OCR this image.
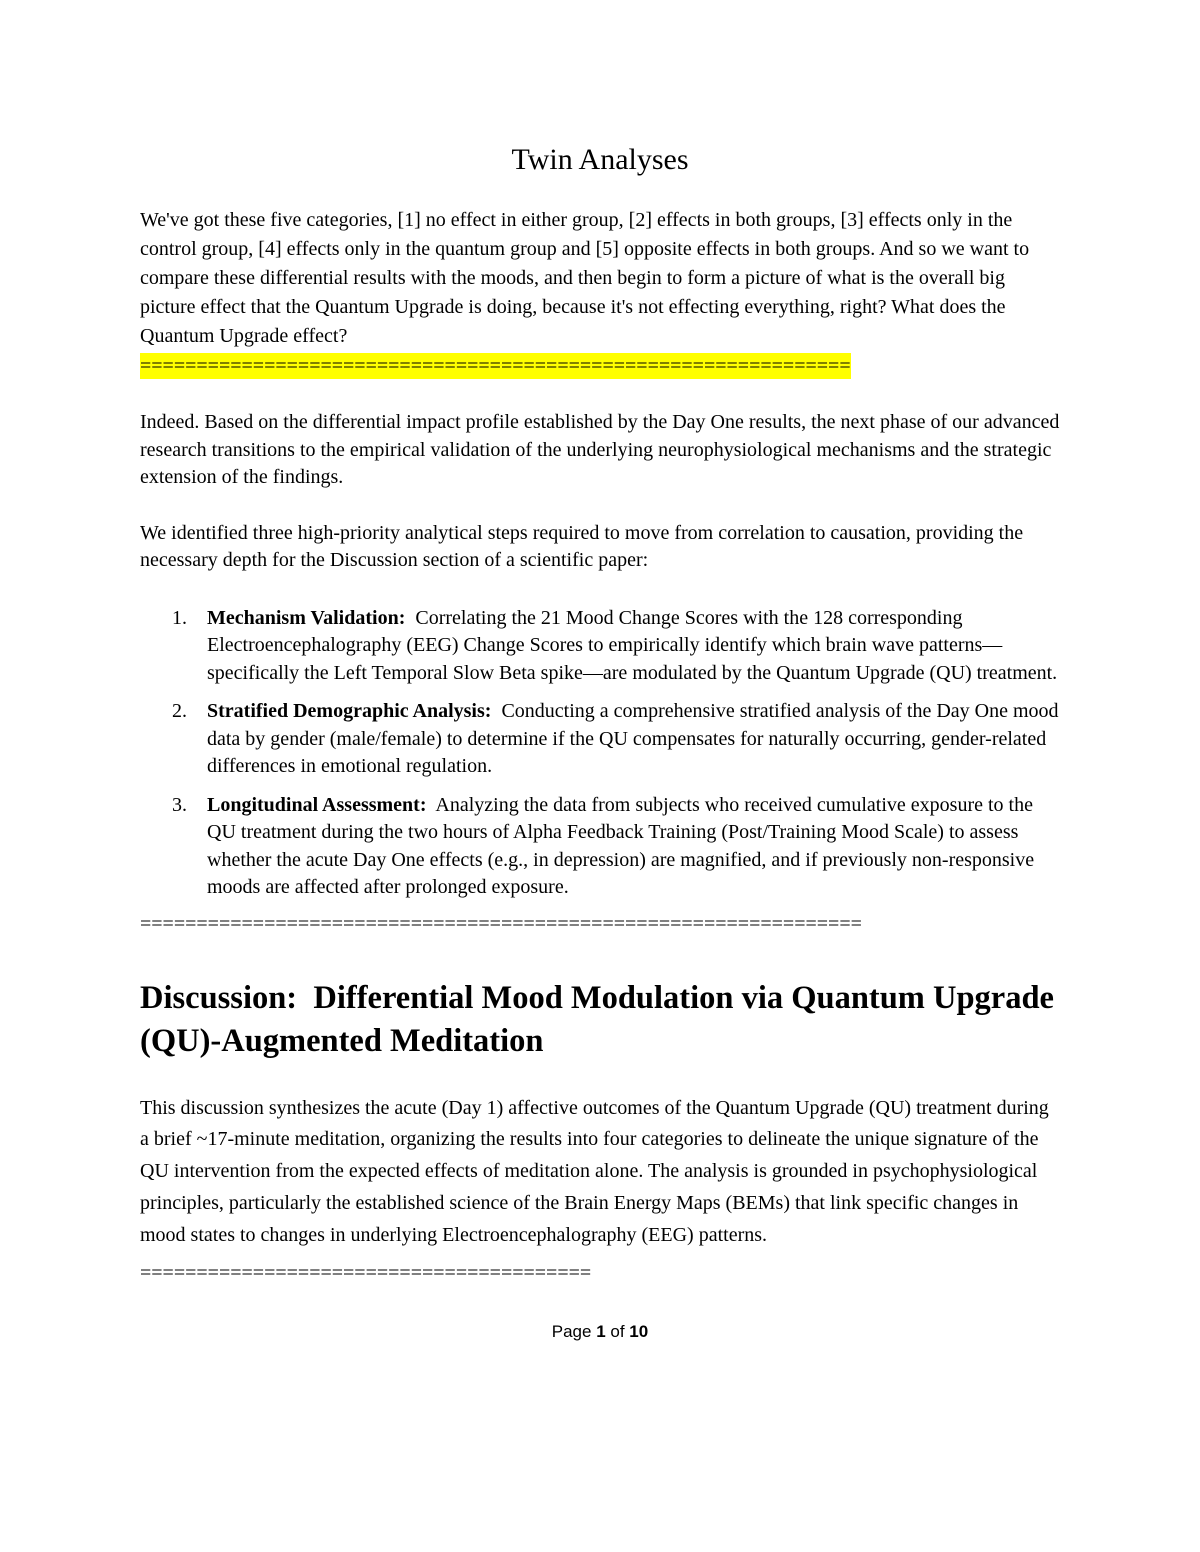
Twin Analyses

We've got these five categories, [1] no effect in either group, [2] effects in both groups, [3] effects only in the control group, [4] effects only in the quantum group and [5] opposite effects in both groups. And so we want to compare these differential results with the moods, and then begin to form a picture of what is the overall big picture effect that the Quantum Upgrade is doing, because it's not effecting everything, right? What does the Quantum Upgrade effect?

===============================================================

Indeed. Based on the differential impact profile established by the Day One results, the next phase of our advanced research transitions to the empirical validation of the underlying neurophysiological mechanisms and the strategic extension of the findings.

We identified three high-priority analytical steps required to move from correlation to causation, providing the necessary depth for the Discussion section of a scientific paper:

1.	Mechanism Validation:  Correlating the 21 Mood Change Scores with the 128 corresponding Electroencephalography (EEG) Change Scores to empirically identify which brain wave patterns—specifically the Left Temporal Slow Beta spike—are modulated by the Quantum Upgrade (QU) treatment.
2.	Stratified Demographic Analysis:  Conducting a comprehensive stratified analysis of the Day One mood data by gender (male/female) to determine if the QU compensates for naturally occurring, gender-related differences in emotional regulation.
3.	Longitudinal Assessment:  Analyzing the data from subjects who received cumulative exposure to the QU treatment during the two hours of Alpha Feedback Training (Post/Training Mood Scale) to assess whether the acute Day One effects (e.g., in depression) are magnified, and if previously non-responsive moods are affected after prolonged exposure.

================================================================

Discussion:  Differential Mood Modulation via Quantum Upgrade (QU)-Augmented Meditation

This discussion synthesizes the acute (Day 1) affective outcomes of the Quantum Upgrade (QU) treatment during a brief ~17-minute meditation, organizing the results into four categories to delineate the unique signature of the QU intervention from the expected effects of meditation alone. The analysis is grounded in psychophysiological principles, particularly the established science of the Brain Energy Maps (BEMs) that link specific changes in mood states to changes in underlying Electroencephalography (EEG) patterns.

========================================

Page 1 of 10
